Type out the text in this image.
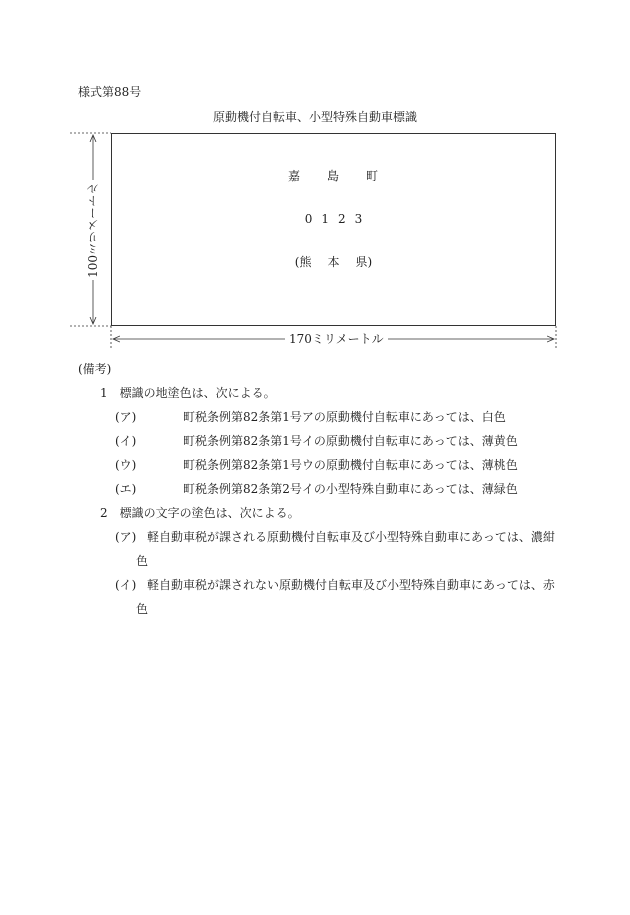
様式第88号
原動機付自転車、小型特殊自動車標識
嘉 島 町
0 1 2 3
(熊 本 県)
100ミリメートル
170ミリメートル
(備考)
1　標識の地塗色は、次による。
(ア)	町税条例第82条第1号アの原動機付自転車にあっては、白色
(イ)	町税条例第82条第1号イの原動機付自転車にあっては、薄黄色
(ウ)	町税条例第82条第1号ウの原動機付自転車にあっては、薄桃色
(エ)	町税条例第82条第2号イの小型特殊自動車にあっては、薄緑色
2　標識の文字の塗色は、次による。
(ア) 軽自動車税が課される原動機付自転車及び小型特殊自動車にあっては、濃紺
色
(イ) 軽自動車税が課されない原動機付自転車及び小型特殊自動車にあっては、赤
色
